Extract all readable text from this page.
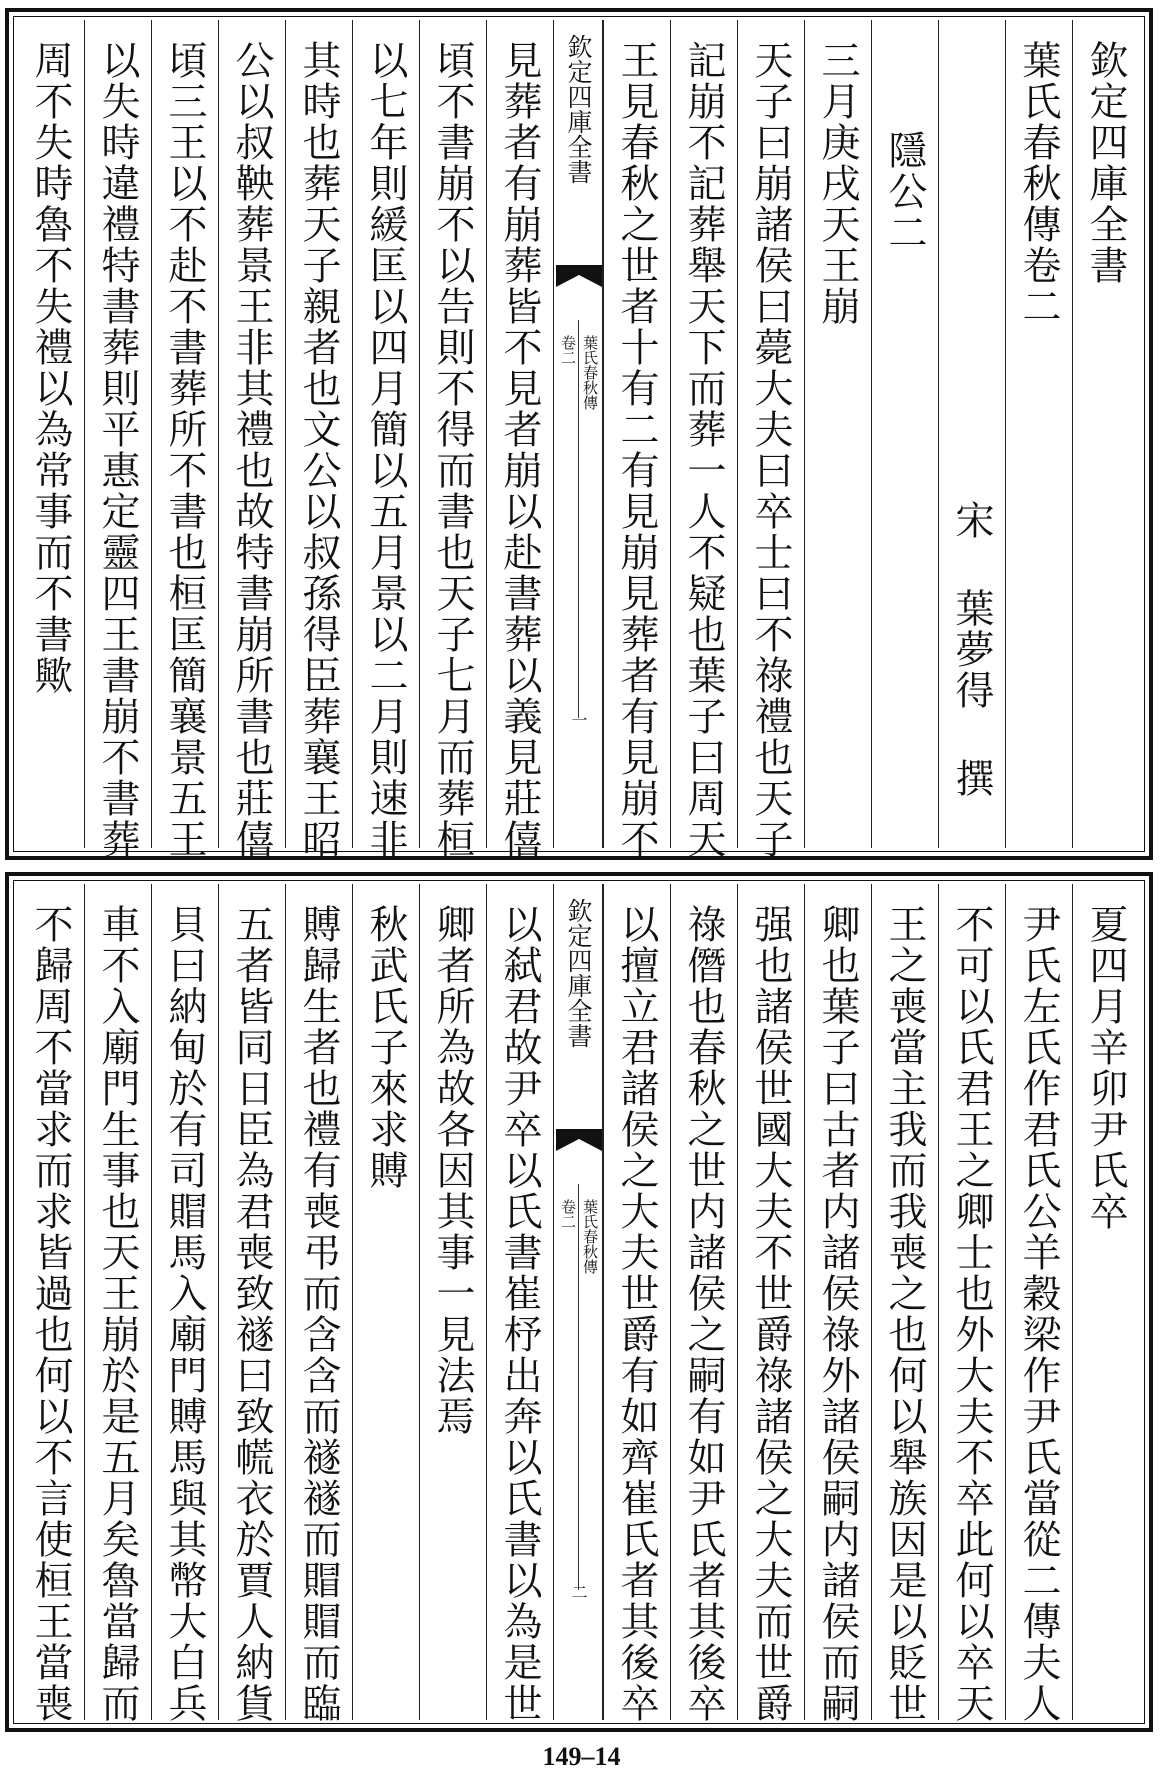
欽定四庫全書
葉氏春秋傳卷二
宋 葉夢得 撰
隱公二
三月庚戌天王崩
天子曰崩諸侯曰薨大夫曰卒士曰不祿禮也天子
記崩不記葬舉天下而葬一人不疑也葉子曰周天
王見春秋之世者十有二有見崩見葬者有見崩不
欽定四庫全書
葉氏春秋傳
卷二
一
見葬者有崩葬皆不見者崩以赴書葬以義見莊僖
頃不書崩不以告則不得而書也天子七月而葬桓
以七年則緩匡以四月簡以五月景以二月則速非
其時也葬天子親者也文公以叔孫得臣葬襄王昭
公以叔鞅葬景王非其禮也故特書崩所書也莊僖
頃三王以不赴不書葬所不書也桓匡簡襄景五王
以失時違禮特書葬則平惠定靈四王書崩不書葬
周不失時魯不失禮以為常事而不書歟
夏四月辛卯尹氏卒
尹氏左氏作君氏公羊穀梁作尹氏當從二傳夫人
不可以氏君王之卿士也外大夫不卒此何以卒天
王之喪當主我而我喪之也何以舉族因是以貶世
卿也葉子曰古者内諸侯祿外諸侯嗣内諸侯而嗣
强也諸侯世國大夫不世爵祿諸侯之大夫而世爵
祿僭也春秋之世内諸侯之嗣有如尹氏者其後卒
以擅立君諸侯之大夫世爵有如齊崔氏者其後卒
欽定四庫全書
葉氏春秋傳
卷二
二
以弑君故尹卒以氏書崔杼出奔以氏書以為是世
卿者所為故各因其事一見法焉
秋武氏子來求賻
賻歸生者也禮有喪弔而含含而禭禭而賵賵而臨
五者皆同日臣為君喪致禭曰致㡛衣於賈人納貨
貝曰納甸於有司賵馬入廟門賻馬與其幣大白兵
車不入廟門生事也天王崩於是五月矣魯當歸而
不歸周不當求而求皆過也何以不言使桓王當喪
149–14
